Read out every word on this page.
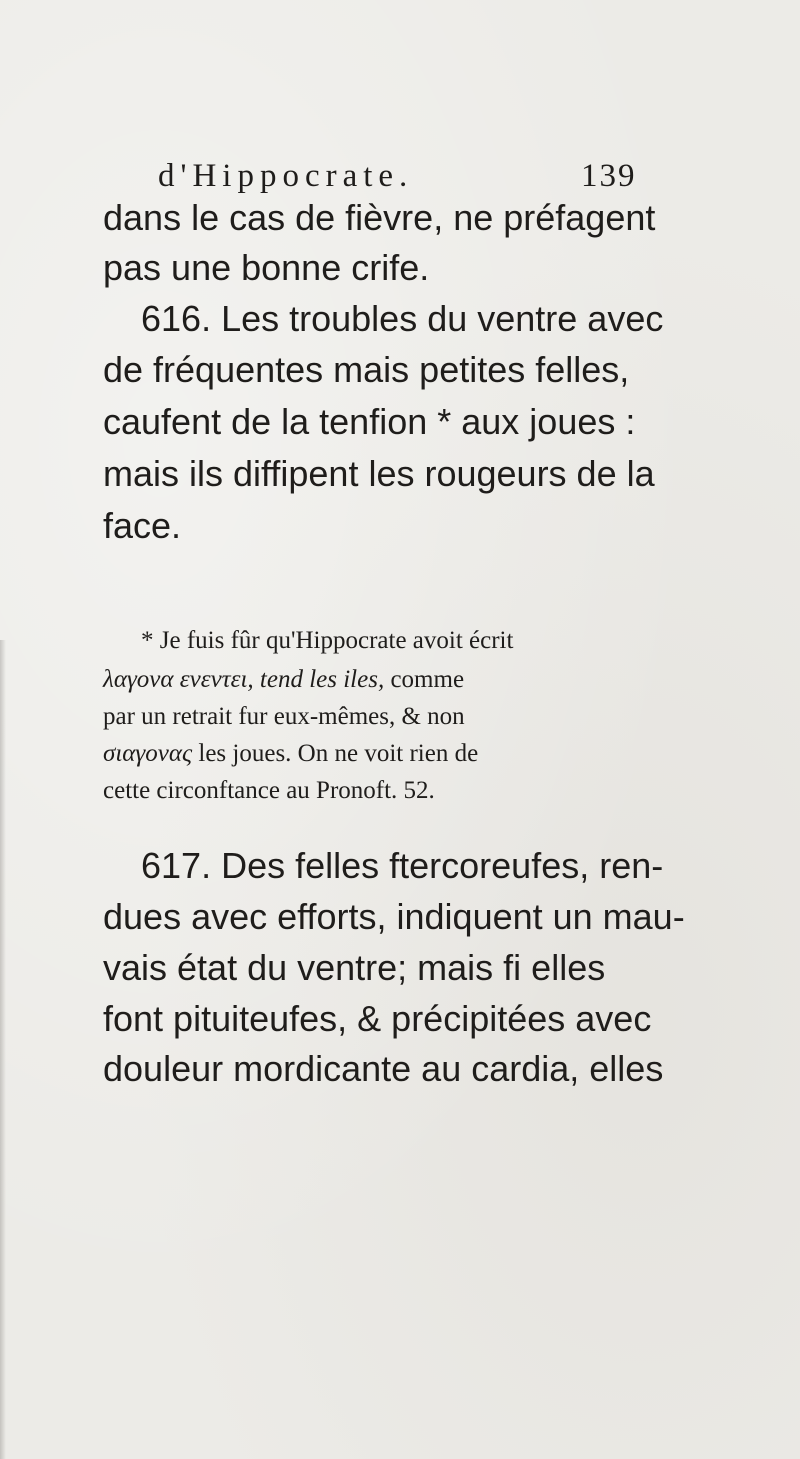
d'Hippocrate.	139
dans le cas de fièvre, ne préfagent
pas une bonne crife.
616. Les troubles du ventre avec
de fréquentes mais petites felles,
caufent de la tenfion * aux joues :
mais ils diffipent les rougeurs de la
face.
* Je fuis fûr qu'Hippocrate avoit écrit
λαγονα ενεντει, tend les iles, comme
par un retrait fur eux-mêmes, & non
σιαγονας les joues. On ne voit rien de
cette circonftance au Pronoft. 52.
617. Des felles ftercoreufes, ren-
dues avec efforts, indiquent un mau-
vais état du ventre; mais fi elles
font pituiteufes, & précipitées avec
douleur mordicante au cardia, elles
